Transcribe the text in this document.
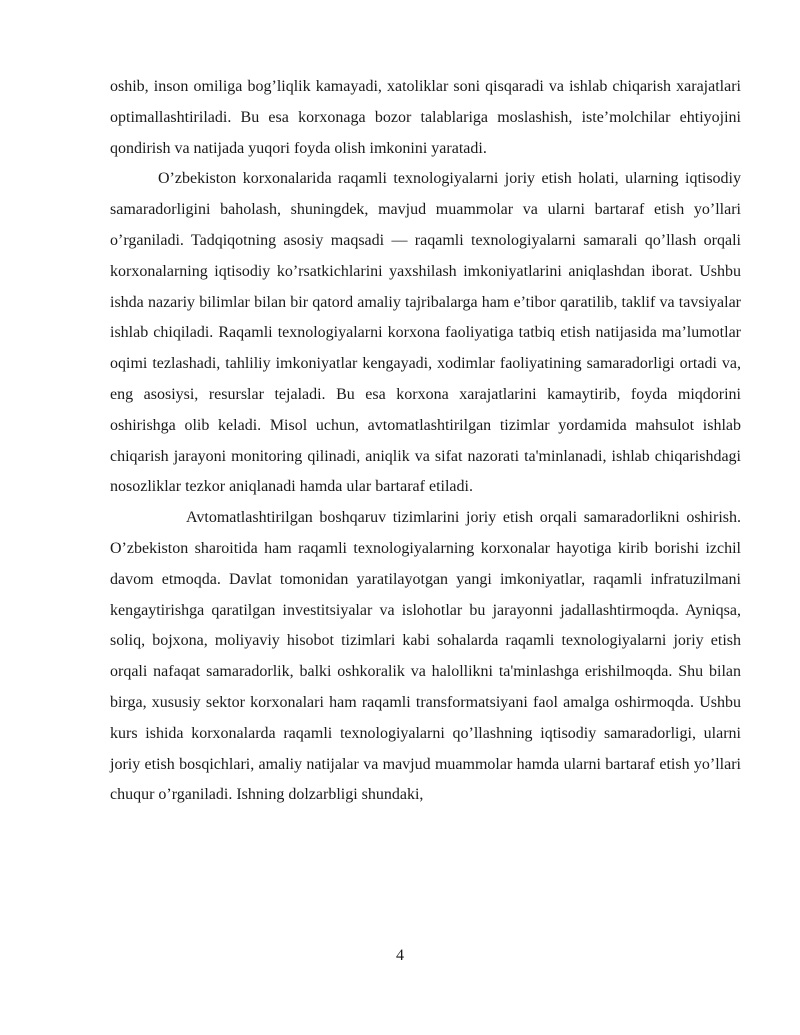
oshib, inson omiliga bog’liqlik kamayadi, xatoliklar soni qisqaradi va ishlab chiqarish xarajatlari optimallashtiriladi. Bu esa korxonaga bozor talablariga moslashish, iste’molchilar ehtiyojini qondirish va natijada yuqori foyda olish imkonini yaratadi.

O’zbekiston korxonalarida raqamli texnologiyalarni joriy etish holati, ularning iqtisodiy samaradorligini baholash, shuningdek, mavjud muammolar va ularni bartaraf etish yo’llari o’rganiladi. Tadqiqotning asosiy maqsadi — raqamli texnologiyalarni samarali qo’llash orqali korxonalarning iqtisodiy ko’rsatkichlarini yaxshilash imkoniyatlarini aniqlashdan iborat. Ushbu ishda nazariy bilimlar bilan bir qatord amaliy tajribalarga ham e’tibor qaratilib, taklif va tavsiyalar ishlab chiqiladi. Raqamli texnologiyalarni korxona faoliyatiga tatbiq etish natijasida ma’lumotlar oqimi tezlashadi, tahliliy imkoniyatlar kengayadi, xodimlar faoliyatining samaradorligi ortadi va, eng asosiysi, resurslar tejaladi. Bu esa korxona xarajatlarini kamaytirib, foyda miqdorini oshirishga olib keladi. Misol uchun, avtomatlashtirilgan tizimlar yordamida mahsulot ishlab chiqarish jarayoni monitoring qilinadi, aniqlik va sifat nazorati ta'minlanadi, ishlab chiqarishdagi nosozliklar tezkor aniqlanadi hamda ular bartaraf etiladi.

Avtomatlashtirilgan boshqaruv tizimlarini joriy etish orqali samaradorlikni oshirish. O’zbekiston sharoitida ham raqamli texnologiyalarning korxonalar hayotiga kirib borishi izchil davom etmoqda. Davlat tomonidan yaratilayotgan yangi imkoniyatlar, raqamli infratuzilmani kengaytirishga qaratilgan investitsiyalar va islohotlar bu jarayonni jadallashtirmoqda. Ayniqsa, soliq, bojxona, moliyaviy hisobot tizimlari kabi sohalarda raqamli texnologiyalarni joriy etish orqali nafaqat samaradorlik, balki oshkoralik va halollikni ta'minlashga erishilmoqda. Shu bilan birga, xususiy sektor korxonalari ham raqamli transformatsiyani faol amalga oshirmoqda. Ushbu kurs ishida korxonalarda raqamli texnologiyalarni qo’llashning iqtisodiy samaradorligi, ularni joriy etish bosqichlari, amaliy natijalar va mavjud muammolar hamda ularni bartaraf etish yo’llari chuqur o’rganiladi. Ishning dolzarbligi shundaki,

4
